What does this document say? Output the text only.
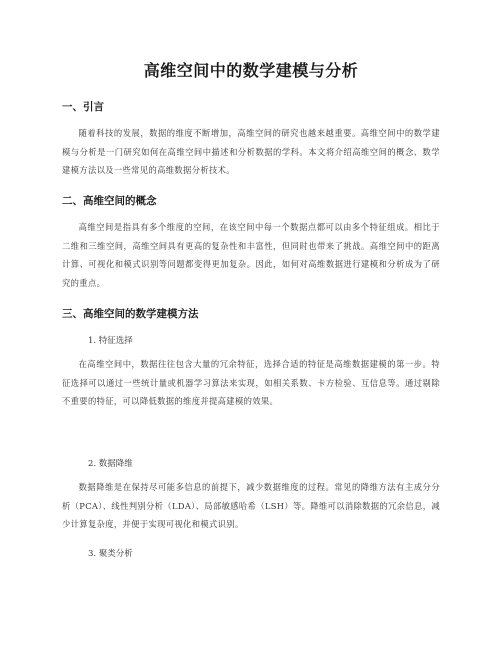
高维空间中的数学建模与分析
一、引言

随着科技的发展，数据的维度不断增加，高维空间的研究也越来越重要。高维空间中的数学建模与分析是一门研究如何在高维空间中描述和分析数据的学科。本文将介绍高维空间的概念、数学建模方法以及一些常见的高维数据分析技术。

二、高维空间的概念

高维空间是指具有多个维度的空间，在该空间中每一个数据点都可以由多个特征组成。相比于二维和三维空间，高维空间具有更高的复杂性和丰富性，但同时也带来了挑战。高维空间中的距离计算、可视化和模式识别等问题都变得更加复杂。因此，如何对高维数据进行建模和分析成为了研究的重点。

三、高维空间的数学建模方法
1. 特征选择

在高维空间中，数据往往包含大量的冗余特征，选择合适的特征是高维数据建模的第一步。特征选择可以通过一些统计量或机器学习算法来实现，如相关系数、卡方检验、互信息等。通过剔除不重要的特征，可以降低数据的维度并提高建模的效果。

2. 数据降维

数据降维是在保持尽可能多信息的前提下，减少数据维度的过程。常见的降维方法有主成分分析（PCA）、线性判别分析（LDA）、局部敏感哈希（LSH）等。降维可以消除数据的冗余信息，减少计算复杂度，并便于实现可视化和模式识别。

3. 聚类分析
